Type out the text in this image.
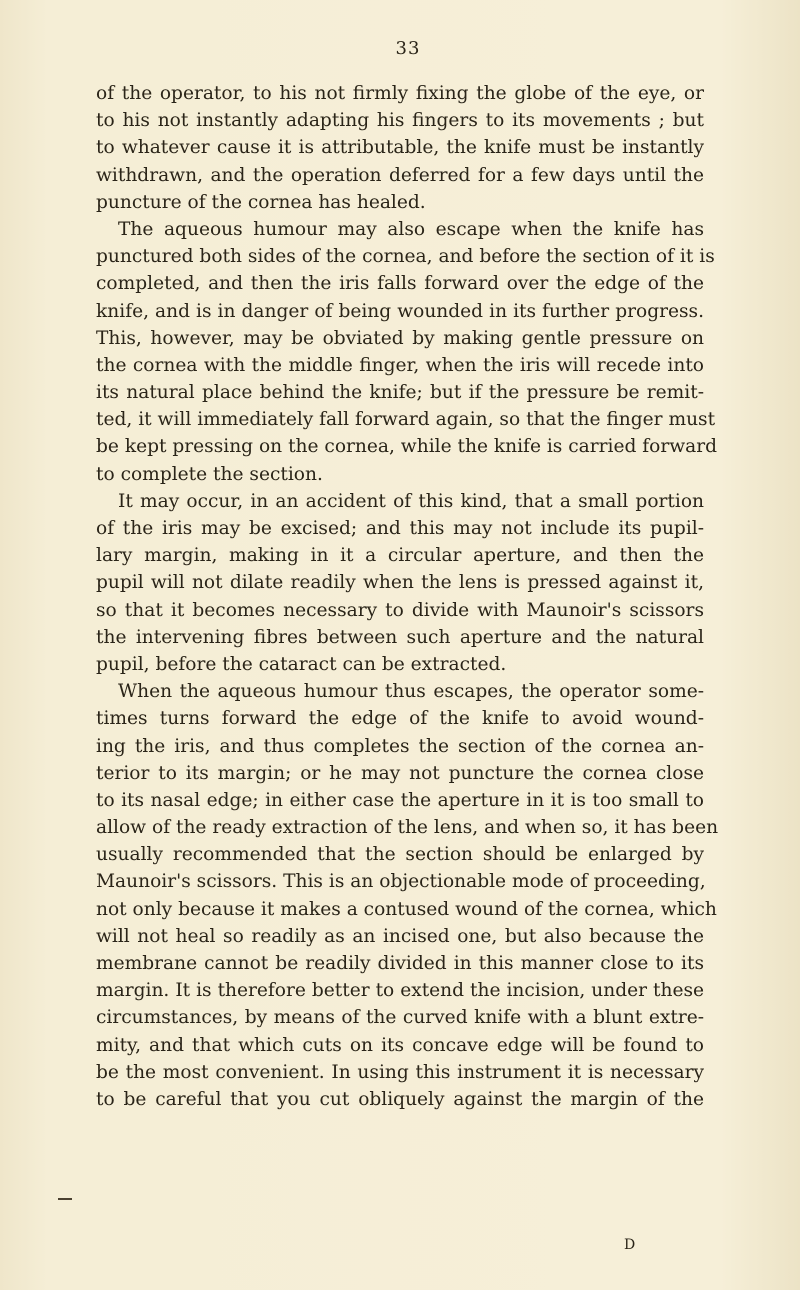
33
of the operator, to his not firmly fixing the globe of the eye, or
to his not instantly adapting his fingers to its movements ; but
to whatever cause it is attributable, the knife must be instantly
withdrawn, and the operation deferred for a few days until the
puncture of the cornea has healed.
The aqueous humour may also escape when the knife has
punctured both sides of the cornea, and before the section of it is
completed, and then the iris falls forward over the edge of the
knife, and is in danger of being wounded in its further progress.
This, however, may be obviated by making gentle pressure on
the cornea with the middle finger, when the iris will recede into
its natural place behind the knife; but if the pressure be remit-
ted, it will immediately fall forward again, so that the finger must
be kept pressing on the cornea, while the knife is carried forward
to complete the section.
It may occur, in an accident of this kind, that a small portion
of the iris may be excised; and this may not include its pupil-
lary margin, making in it a circular aperture, and then the
pupil will not dilate readily when the lens is pressed against it,
so that it becomes necessary to divide with Maunoir's scissors
the intervening fibres between such aperture and the natural
pupil, before the cataract can be extracted.
When the aqueous humour thus escapes, the operator some-
times turns forward the edge of the knife to avoid wound-
ing the iris, and thus completes the section of the cornea an-
terior to its margin; or he may not puncture the cornea close
to its nasal edge; in either case the aperture in it is too small to
allow of the ready extraction of the lens, and when so, it has been
usually recommended that the section should be enlarged by
Maunoir's scissors. This is an objectionable mode of proceeding,
not only because it makes a contused wound of the cornea, which
will not heal so readily as an incised one, but also because the
membrane cannot be readily divided in this manner close to its
margin. It is therefore better to extend the incision, under these
circumstances, by means of the curved knife with a blunt extre-
mity, and that which cuts on its concave edge will be found to
be the most convenient. In using this instrument it is necessary
to be careful that you cut obliquely against the margin of the
D
